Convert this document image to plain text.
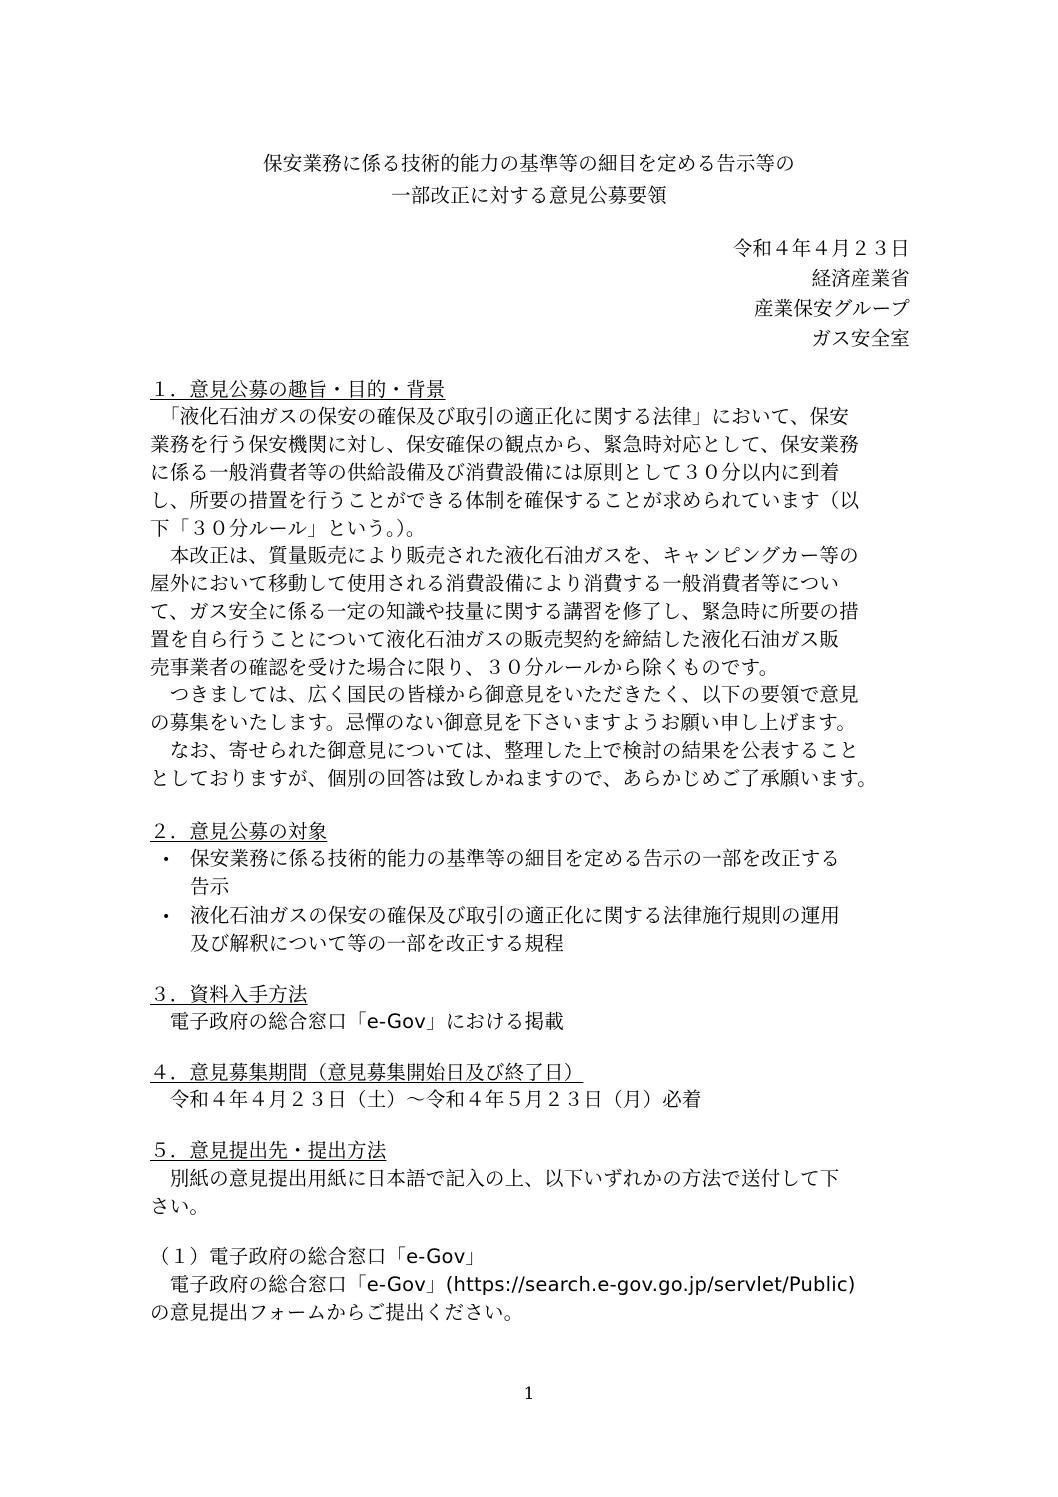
保安業務に係る技術的能力の基準等の細目を定める告示等の
一部改正に対する意見公募要領
令和４年４月２３日
経済産業省
産業保安グループ
ガス安全室
１．意見公募の趣旨・目的・背景
　「液化石油ガスの保安の確保及び取引の適正化に関する法律」において、保安
業務を行う保安機関に対し、保安確保の観点から、緊急時対応として、保安業務
に係る一般消費者等の供給設備及び消費設備には原則として３０分以内に到着
し、所要の措置を行うことができる体制を確保することが求められています（以
下「３０分ルール」という。）。
　本改正は、質量販売により販売された液化石油ガスを、キャンピングカー等の
屋外において移動して使用される消費設備により消費する一般消費者等につい
て、ガス安全に係る一定の知識や技量に関する講習を修了し、緊急時に所要の措
置を自ら行うことについて液化石油ガスの販売契約を締結した液化石油ガス販
売事業者の確認を受けた場合に限り、３０分ルールから除くものです。
　つきましては、広く国民の皆様から御意見をいただきたく、以下の要領で意見
の募集をいたします。忌憚のない御意見を下さいますようお願い申し上げます。
　なお、寄せられた御意見については、整理した上で検討の結果を公表すること
としておりますが、個別の回答は致しかねますので、あらかじめご了承願います。
２．意見公募の対象
• 保安業務に係る技術的能力の基準等の細目を定める告示の一部を改正する
告示
• 液化石油ガスの保安の確保及び取引の適正化に関する法律施行規則の運用
及び解釈について等の一部を改正する規程
３．資料入手方法
　電子政府の総合窓口「e-Gov」における掲載
４．意見募集期間（意見募集開始日及び終了日）
　令和４年４月２３日（土）～令和４年５月２３日（月）必着
５．意見提出先・提出方法
　別紙の意見提出用紙に日本語で記入の上、以下いずれかの方法で送付して下
さい。
（１）電子政府の総合窓口「e-Gov」
　電子政府の総合窓口「e-Gov」(https://search.e-gov.go.jp/servlet/Public)
の意見提出フォームからご提出ください。
1
